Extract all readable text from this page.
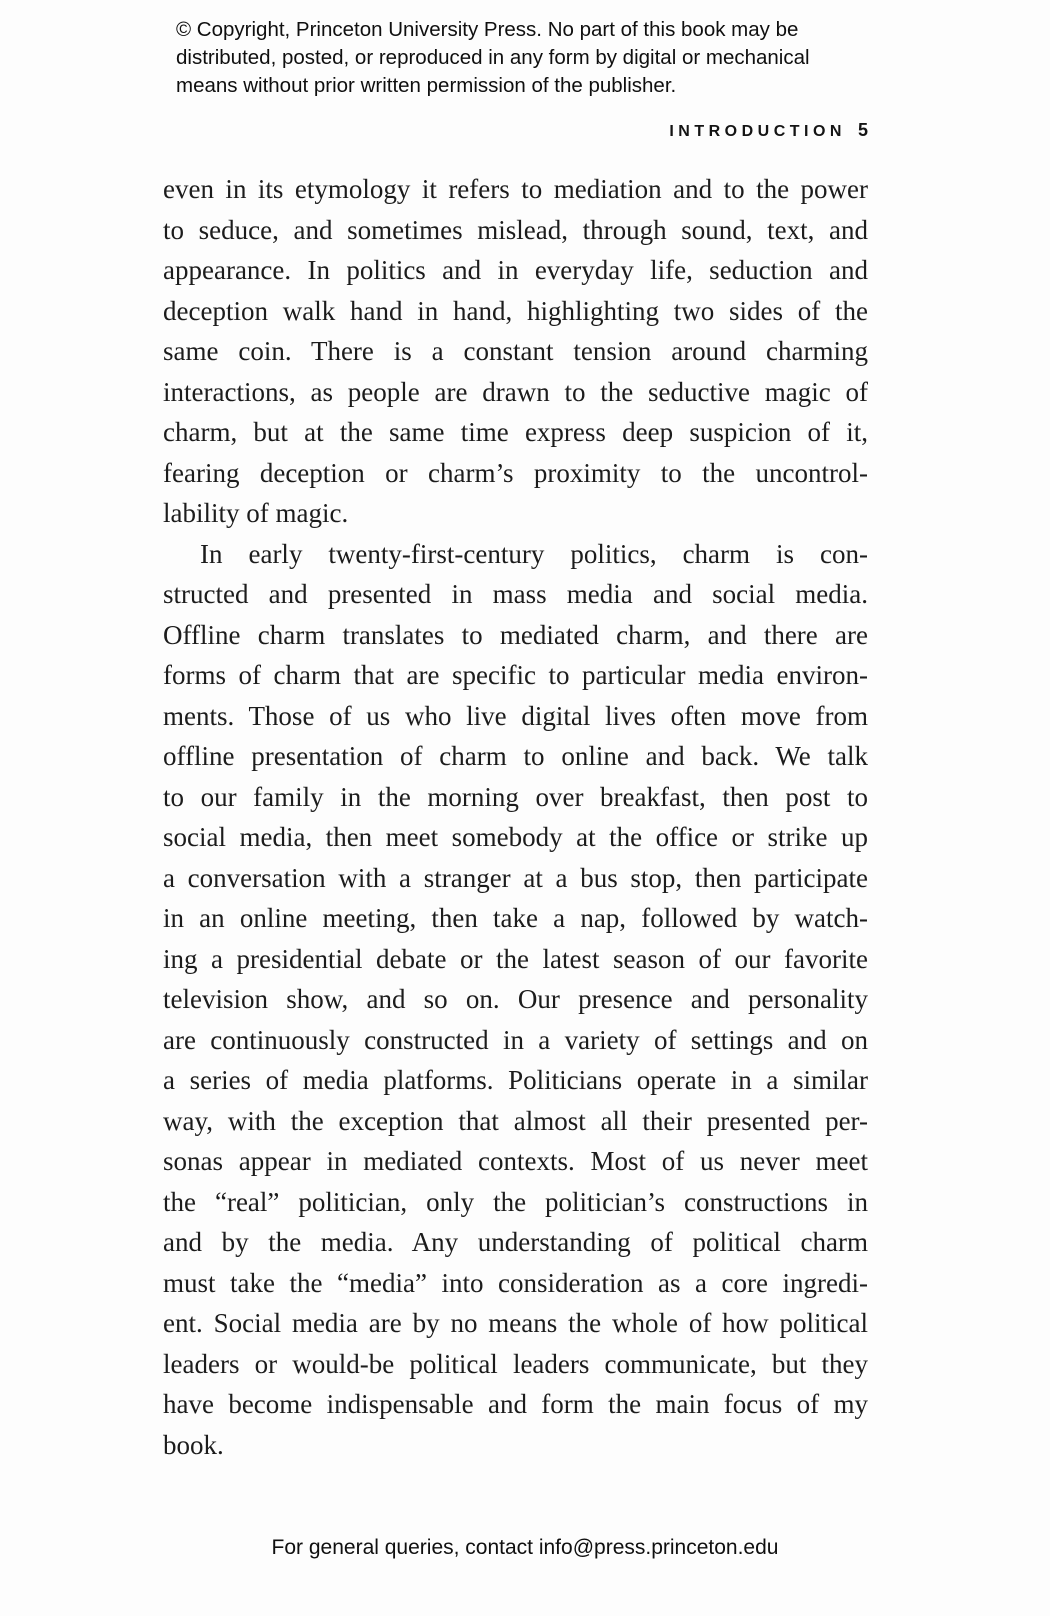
© Copyright, Princeton University Press. No part of this book may be
distributed, posted, or reproduced in any form by digital or mechanical
means without prior written permission of the publisher.
INTRODUCTION 5
even in its etymology it refers to mediation and to the power
to seduce, and sometimes mislead, through sound, text, and
appearance. In politics and in everyday life, seduction and
deception walk hand in hand, highlighting two sides of the
same coin. There is a constant tension around charming
interactions, as people are drawn to the seductive magic of
charm, but at the same time express deep suspicion of it,
fearing deception or charm’s proximity to the uncontrol-
lability of magic.
In early twenty-first-century politics, charm is con-
structed and presented in mass media and social media.
Offline charm translates to mediated charm, and there are
forms of charm that are specific to particular media environ-
ments. Those of us who live digital lives often move from
offline presentation of charm to online and back. We talk
to our family in the morning over breakfast, then post to
social media, then meet somebody at the office or strike up
a conversation with a stranger at a bus stop, then participate
in an online meeting, then take a nap, followed by watch-
ing a presidential debate or the latest season of our favorite
television show, and so on. Our presence and personality
are continuously constructed in a variety of settings and on
a series of media platforms. Politicians operate in a similar
way, with the exception that almost all their presented per-
sonas appear in mediated contexts. Most of us never meet
the “real” politician, only the politician’s constructions in
and by the media. Any understanding of political charm
must take the “media” into consideration as a core ingredi-
ent. Social media are by no means the whole of how political
leaders or would-be political leaders communicate, but they
have become indispensable and form the main focus of my
book.
For general queries, contact info@press.princeton.edu
